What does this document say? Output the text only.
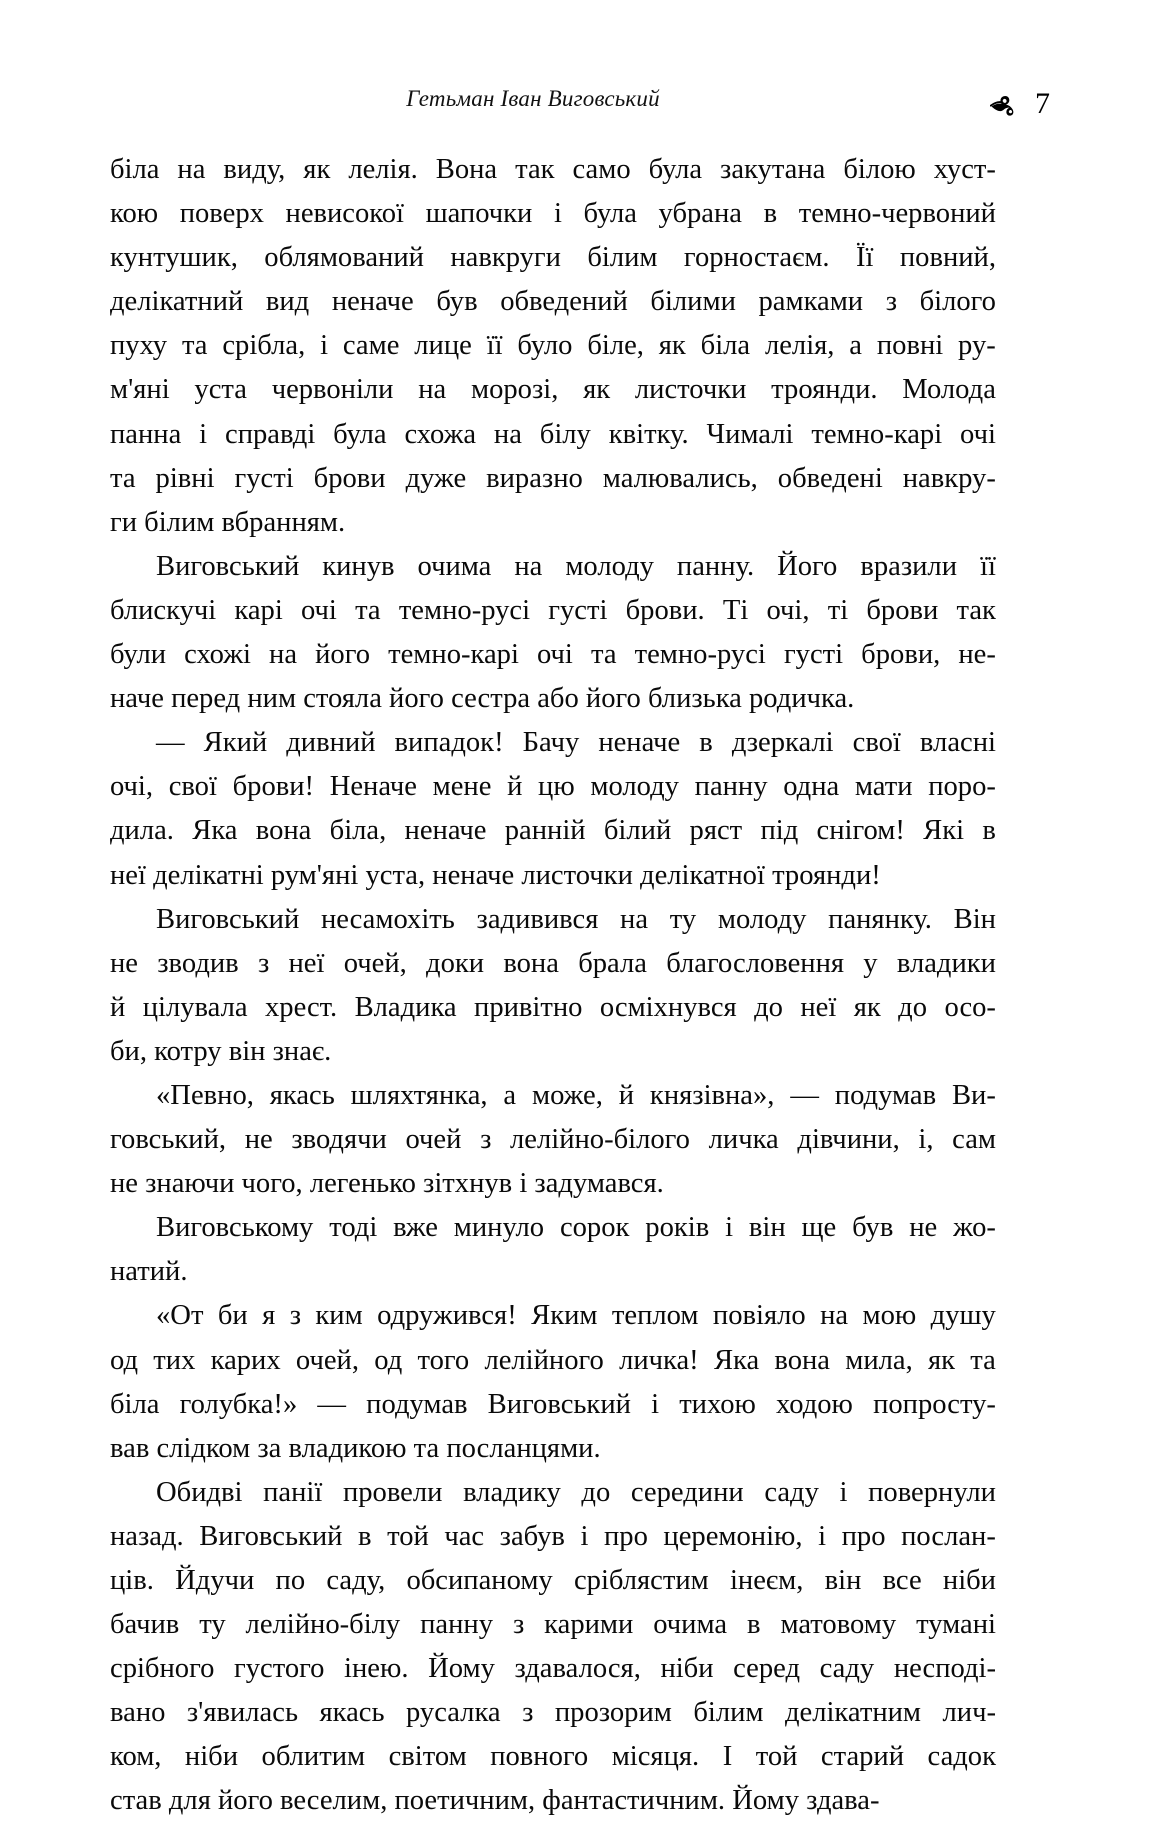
Гетьман Іван Виговський	7

біла на виду, як лелія. Вона так само була закутана білою хуст-
кою поверх невисокої шапочки і була убрана в темно-червоний
кунтушик, облямований навкруги білим горностаєм. Її повний,
делікатний вид неначе був обведений білими рамками з білого
пуху та срібла, і саме лице її було біле, як біла лелія, а повні ру-
м'яні уста червоніли на морозі, як листочки троянди. Молода
панна і справді була схожа на білу квітку. Чималі темно-карі очі
та рівні густі брови дуже виразно малювались, обведені навкру-
ги білим вбранням.

Виговський кинув очима на молоду панну. Його вразили її
блискучі карі очі та темно-русі густі брови. Ті очі, ті брови так
були схожі на його темно-карі очі та темно-русі густі брови, не-
наче перед ним стояла його сестра або його близька родичка.

— Який дивний випадок! Бачу неначе в дзеркалі свої власні
очі, свої брови! Неначе мене й цю молоду панну одна мати поро-
дила. Яка вона біла, неначе ранній білий ряст під снігом! Які в
неї делікатні рум'яні уста, неначе листочки делікатної троянди!

Виговський несамохіть задивився на ту молоду панянку. Він
не зводив з неї очей, доки вона брала благословення у владики
й цілувала хрест. Владика привітно осміхнувся до неї як до осо-
би, котру він знає.

«Певно, якась шляхтянка, а може, й князівна», — подумав Ви-
говський, не зводячи очей з лелійно-білого личка дівчини, і, сам
не знаючи чого, легенько зітхнув і задумався.

Виговському тоді вже минуло сорок років і він ще був не жо-
натий.

«От би я з ким одружився! Яким теплом повіяло на мою душу
од тих карих очей, од того лелійного личка! Яка вона мила, як та
біла голубка!» — подумав Виговський і тихою ходою попросту-
вав слідком за владикою та посланцями.

Обидві панії провели владику до середини саду і повернули
назад. Виговський в той час забув і про церемонію, і про послан-
ців. Йдучи по саду, обсипаному сріблястим інеєм, він все ніби
бачив ту лелійно-білу панну з карими очима в матовому тумані
срібного густого інею. Йому здавалося, ніби серед саду несподі-
вано з'явилась якась русалка з прозорим білим делікатним лич-
ком, ніби облитим світом повного місяця. І той старий садок
став для його веселим, поетичним, фантастичним. Йому здава-
